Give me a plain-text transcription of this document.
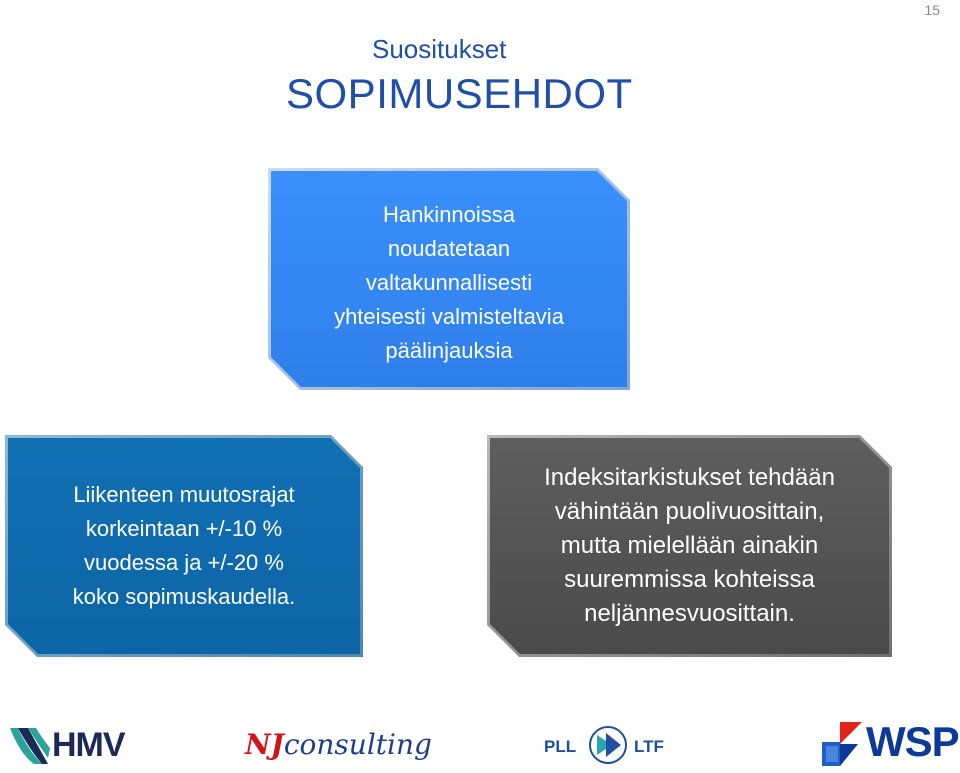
15
Suositukset
SOPIMUSEHDOT
Hankinnoissa
noudatetaan
valtakunnallisesti
yhteisesti valmisteltavia
päälinjauksia
Liikenteen muutosrajat
korkeintaan +/-10 %
vuodessa ja +/-20 %
koko sopimuskaudella.
Indeksitarkistukset tehdään
vähintään puolivuosittain,
mutta mielellään ainakin
suuremmissa kohteissa
neljännesvuosittain.
HMV	NJconsulting	PLL	LTF	WSP
